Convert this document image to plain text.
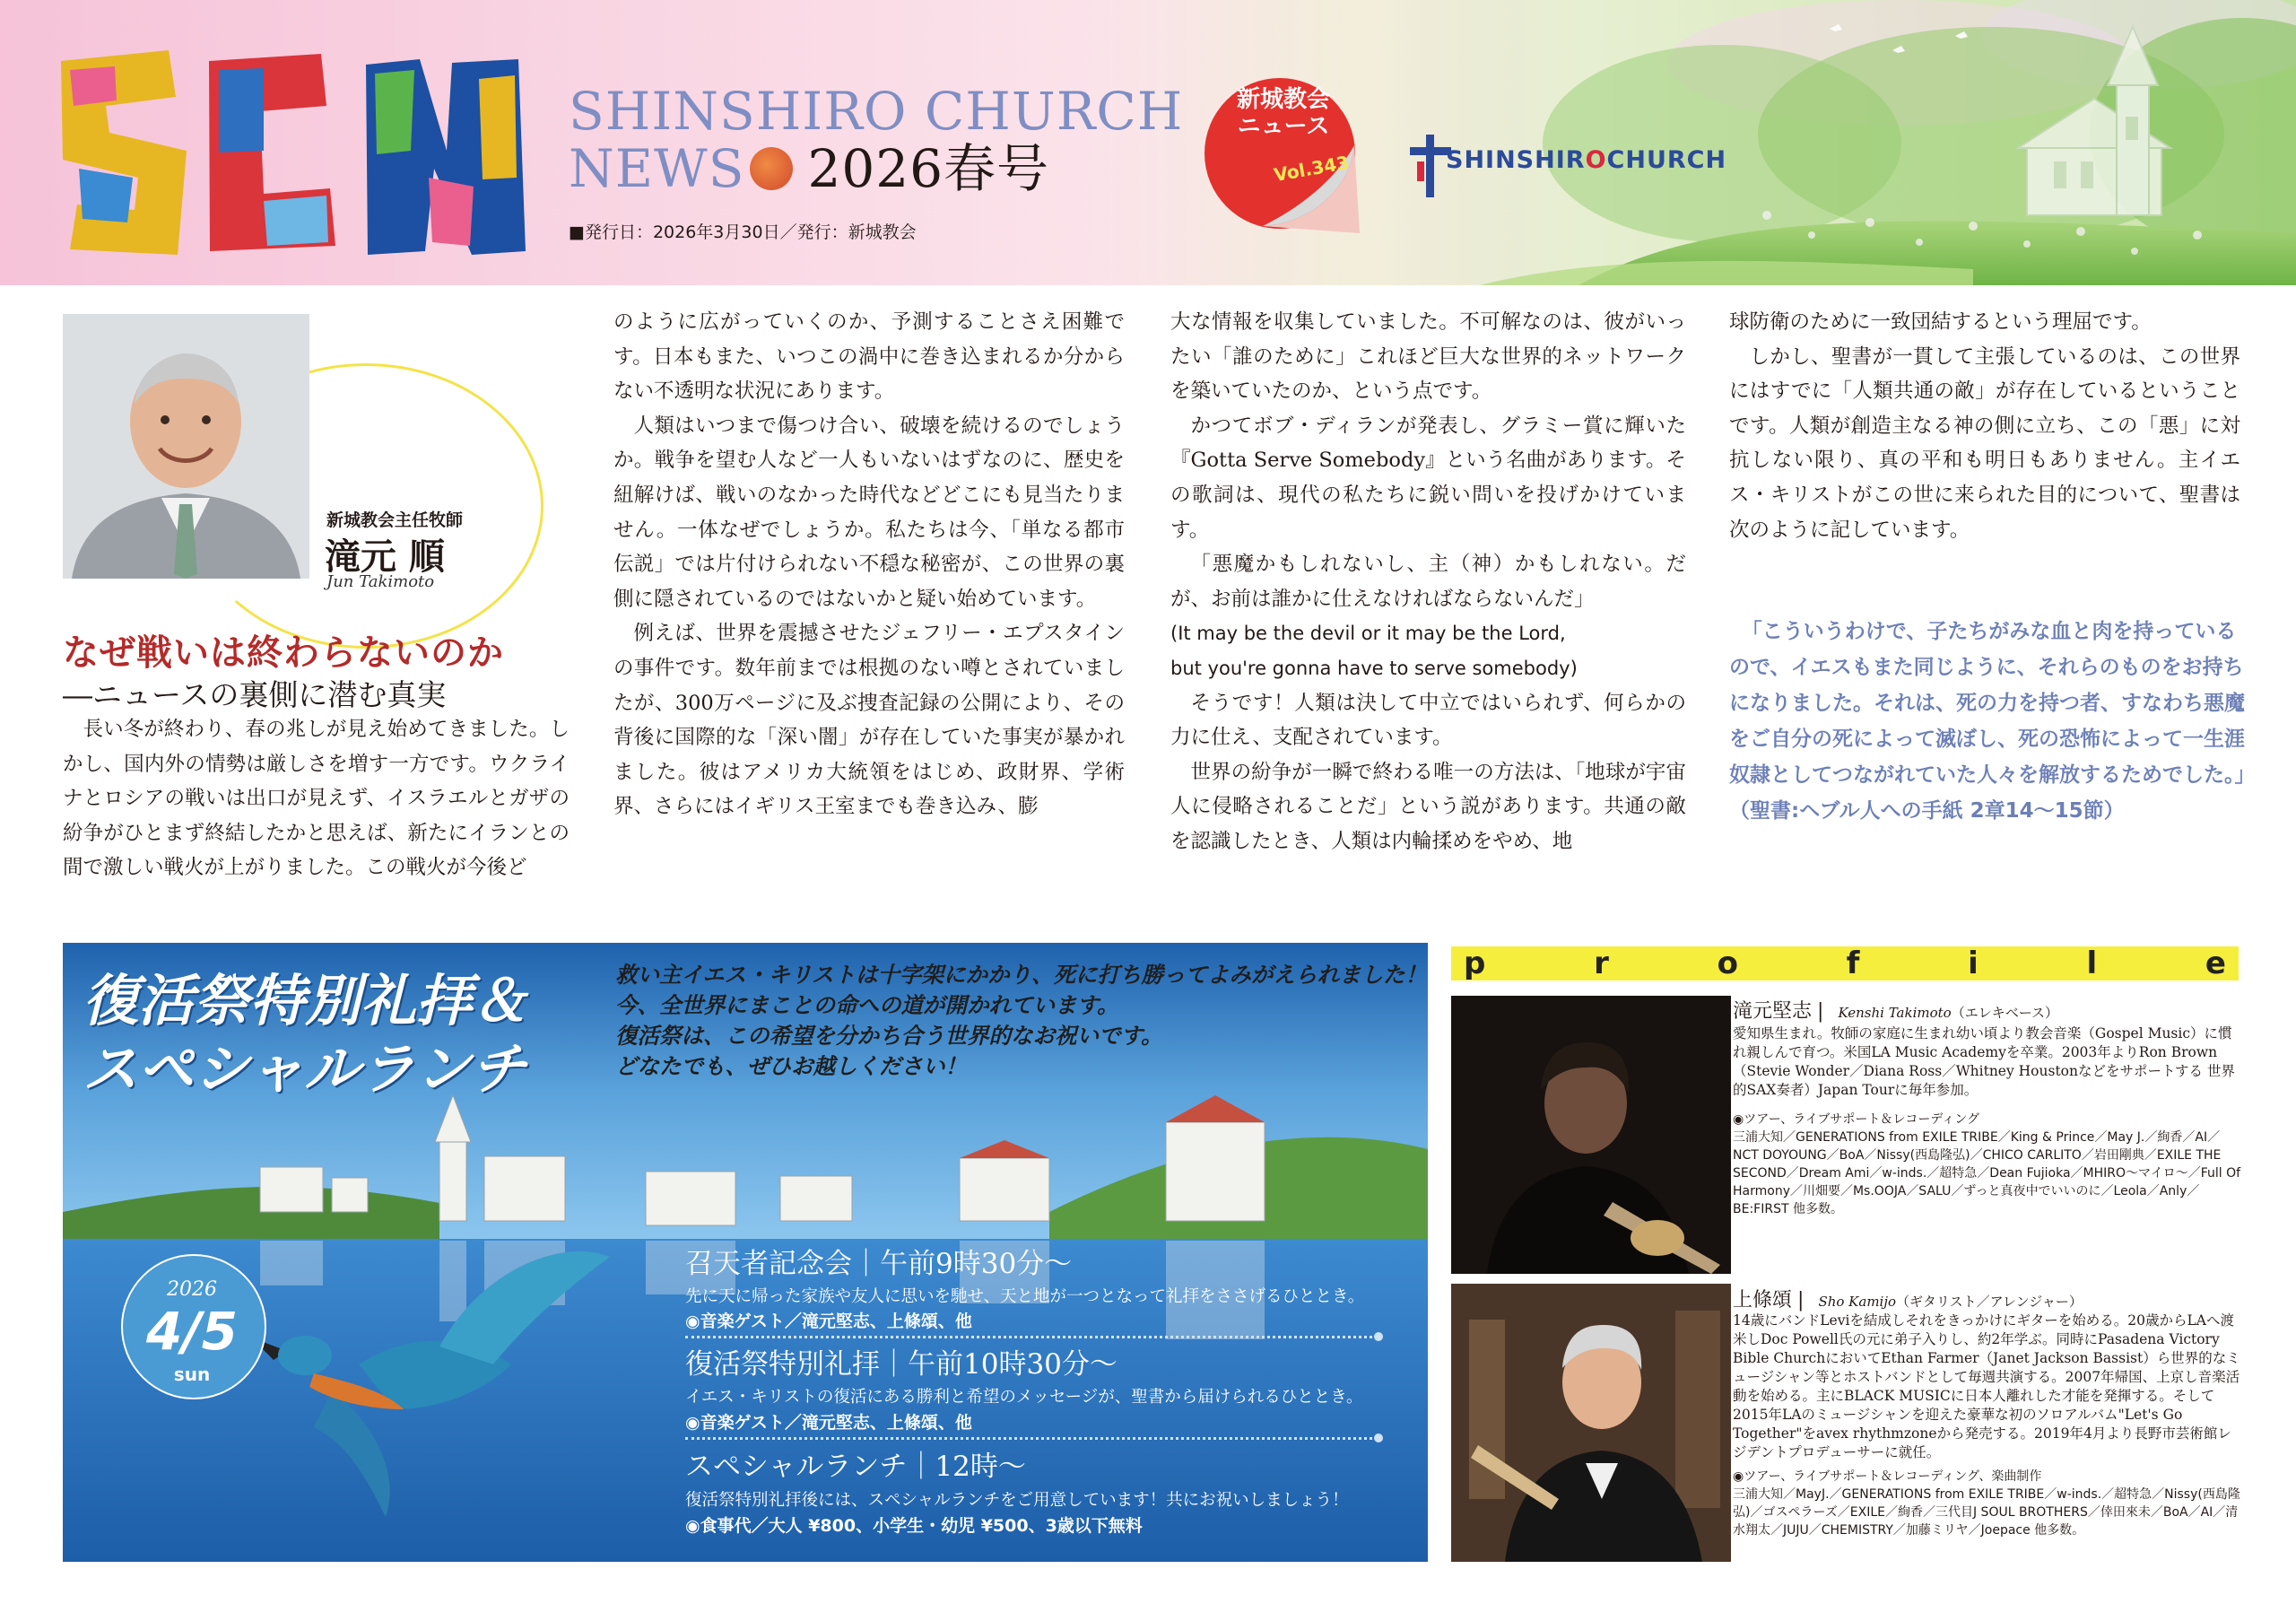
SHINSHIRO CHURCH
NEWS 2026春号
■発行日：2026年3月30日／発行：新城教会
新城教会
ニュース
Vol.343	SHINSHIROCHURCH
新城教会主任牧師
滝元 順
Jun Takimoto
なぜ戦いは終わらないのか
―ニュースの裏側に潜む真実

長い冬が終わり、春の兆しが見え始めてきました。しかし、国内外の情勢は厳しさを増す一方です。ウクライナとロシアの戦いは出口が見えず、イスラエルとガザの紛争がひとまず終結したかと思えば、新たにイランとの間で激しい戦火が上がりました。この戦火が今後ど

のように広がっていくのか、予測することさえ困難です。日本もまた、いつこの渦中に巻き込まれるか分からない不透明な状況にあります。

人類はいつまで傷つけ合い、破壊を続けるのでしょうか。戦争を望む人など一人もいないはずなのに、歴史を紐解けば、戦いのなかった時代などどこにも見当たりません。一体なぜでしょうか。私たちは今、「単なる都市伝説」では片付けられない不穏な秘密が、この世界の裏側に隠されているのではないかと疑い始めています。

例えば、世界を震撼させたジェフリー・エプスタインの事件です。数年前までは根拠のない噂とされていましたが、300万ページに及ぶ捜査記録の公開により、その背後に国際的な「深い闇」が存在していた事実が暴かれました。彼はアメリカ大統領をはじめ、政財界、学術界、さらにはイギリス王室までも巻き込み、膨

大な情報を収集していました。不可解なのは、彼がいったい「誰のために」これほど巨大な世界的ネットワークを築いていたのか、という点です。

かつてボブ・ディランが発表し、グラミー賞に輝いた『Gotta Serve Somebody』という名曲があります。その歌詞は、現代の私たちに鋭い問いを投げかけています。

「悪魔かもしれないし、主（神）かもしれない。だが、お前は誰かに仕えなければならないんだ」

(It may be the devil or it may be the Lord,

but you're gonna have to serve somebody)

そうです！人類は決して中立ではいられず、何らかの力に仕え、支配されています。

世界の紛争が一瞬で終わる唯一の方法は、「地球が宇宙人に侵略されることだ」という説があります。共通の敵を認識したとき、人類は内輪揉めをやめ、地

球防衛のために一致団結するという理屈です。

しかし、聖書が一貫して主張しているのは、この世界にはすでに「人類共通の敵」が存在しているということです。人類が創造主なる神の側に立ち、この「悪」に対抗しない限り、真の平和も明日もありません。主イエス・キリストがこの世に来られた目的について、聖書は次のように記しています。

「こういうわけで、子たちがみな血と肉を持っているので、イエスもまた同じように、それらのものをお持ちになりました。それは、死の力を持つ者、すなわち悪魔をご自分の死によって滅ぼし、死の恐怖によって一生涯奴隷としてつながれていた人々を解放するためでした。」

（聖書:ヘブル人への手紙 2章14～15節）

復活祭特別礼拝＆
スペシャルランチ

救い主イエス・キリストは十字架にかかり、死に打ち勝ってよみがえられました！

今、全世界にまことの命への道が開かれています。

復活祭は、この希望を分かち合う世界的なお祝いです。

どなたでも、ぜひお越しください！

2026
4/5
sun
召天者記念会｜午前9時30分～
先に天に帰った家族や友人に思いを馳せ、天と地が一つとなって礼拝をささげるひととき。
◉音楽ゲスト／滝元堅志、上條頌、他
復活祭特別礼拝｜午前10時30分～
イエス・キリストの復活にある勝利と希望のメッセージが、聖書から届けられるひととき。
◉音楽ゲスト／滝元堅志、上條頌、他
スペシャルランチ｜12時～
復活祭特別礼拝後には、スペシャルランチをご用意しています！共にお祝いしましょう！
◉食事代／大人 ¥800、小学生・幼児 ¥500、3歳以下無料
p	r	o	f	i	l	e
滝元堅志 | Kenshi Takimoto（エレキベース）

愛知県生まれ。牧師の家庭に生まれ幼い頃より教会音楽（Gospel Music）に慣れ親しんで育つ。米国LA Music Academyを卒業。2003年よりRon Brown（Stevie Wonder／Diana Ross／Whitney Houstonなどをサポートする 世界的SAX奏者）Japan Tourに毎年参加。

◉ツアー、ライブサポート＆レコーディング

三浦大知／GENERATIONS from EXILE TRIBE／King & Prince／May J.／絢香／AI／NCT DOYOUNG／BoA／Nissy(西島隆弘)／CHICO CARLITO／岩田剛典／EXILE THE SECOND／Dream Ami／w-inds.／超特急／Dean Fujioka／MHIRO～マイロ～／Full Of Harmony／川畑要／Ms.OOJA／SALU／ずっと真夜中でいいのに／Leola／Anly／BE:FIRST 他多数。

上條頌 | Sho Kamijo（ギタリスト／アレンジャー）

14歳にバンドLeviを結成しそれをきっかけにギターを始める。20歳からLAへ渡米しDoc Powell氏の元に弟子入りし、約2年学ぶ。同時にPasadena Victory Bible ChurchにおいてEthan Farmer（Janet Jackson Bassist）ら世界的なミュージシャン等とホストバンドとして毎週共演する。2007年帰国、上京し音楽活動を始める。主にBLACK MUSICに日本人離れした才能を発揮する。そして2015年LAのミュージシャンを迎えた豪華な初のソロアルバム"Let's Go Together"をavex rhythmzoneから発売する。2019年4月より長野市芸術館レジデントプロデューサーに就任。

◉ツアー、ライブサポート＆レコーディング、楽曲制作

三浦大知／MayJ.／GENERATIONS from EXILE TRIBE／w-inds.／超特急／Nissy(西島隆弘)／ゴスペラーズ／EXILE／絢香／三代目J SOUL BROTHERS／倖田來未／BoA／AI／清水翔太／JUJU／CHEMISTRY／加藤ミリヤ／Joepace 他多数。
